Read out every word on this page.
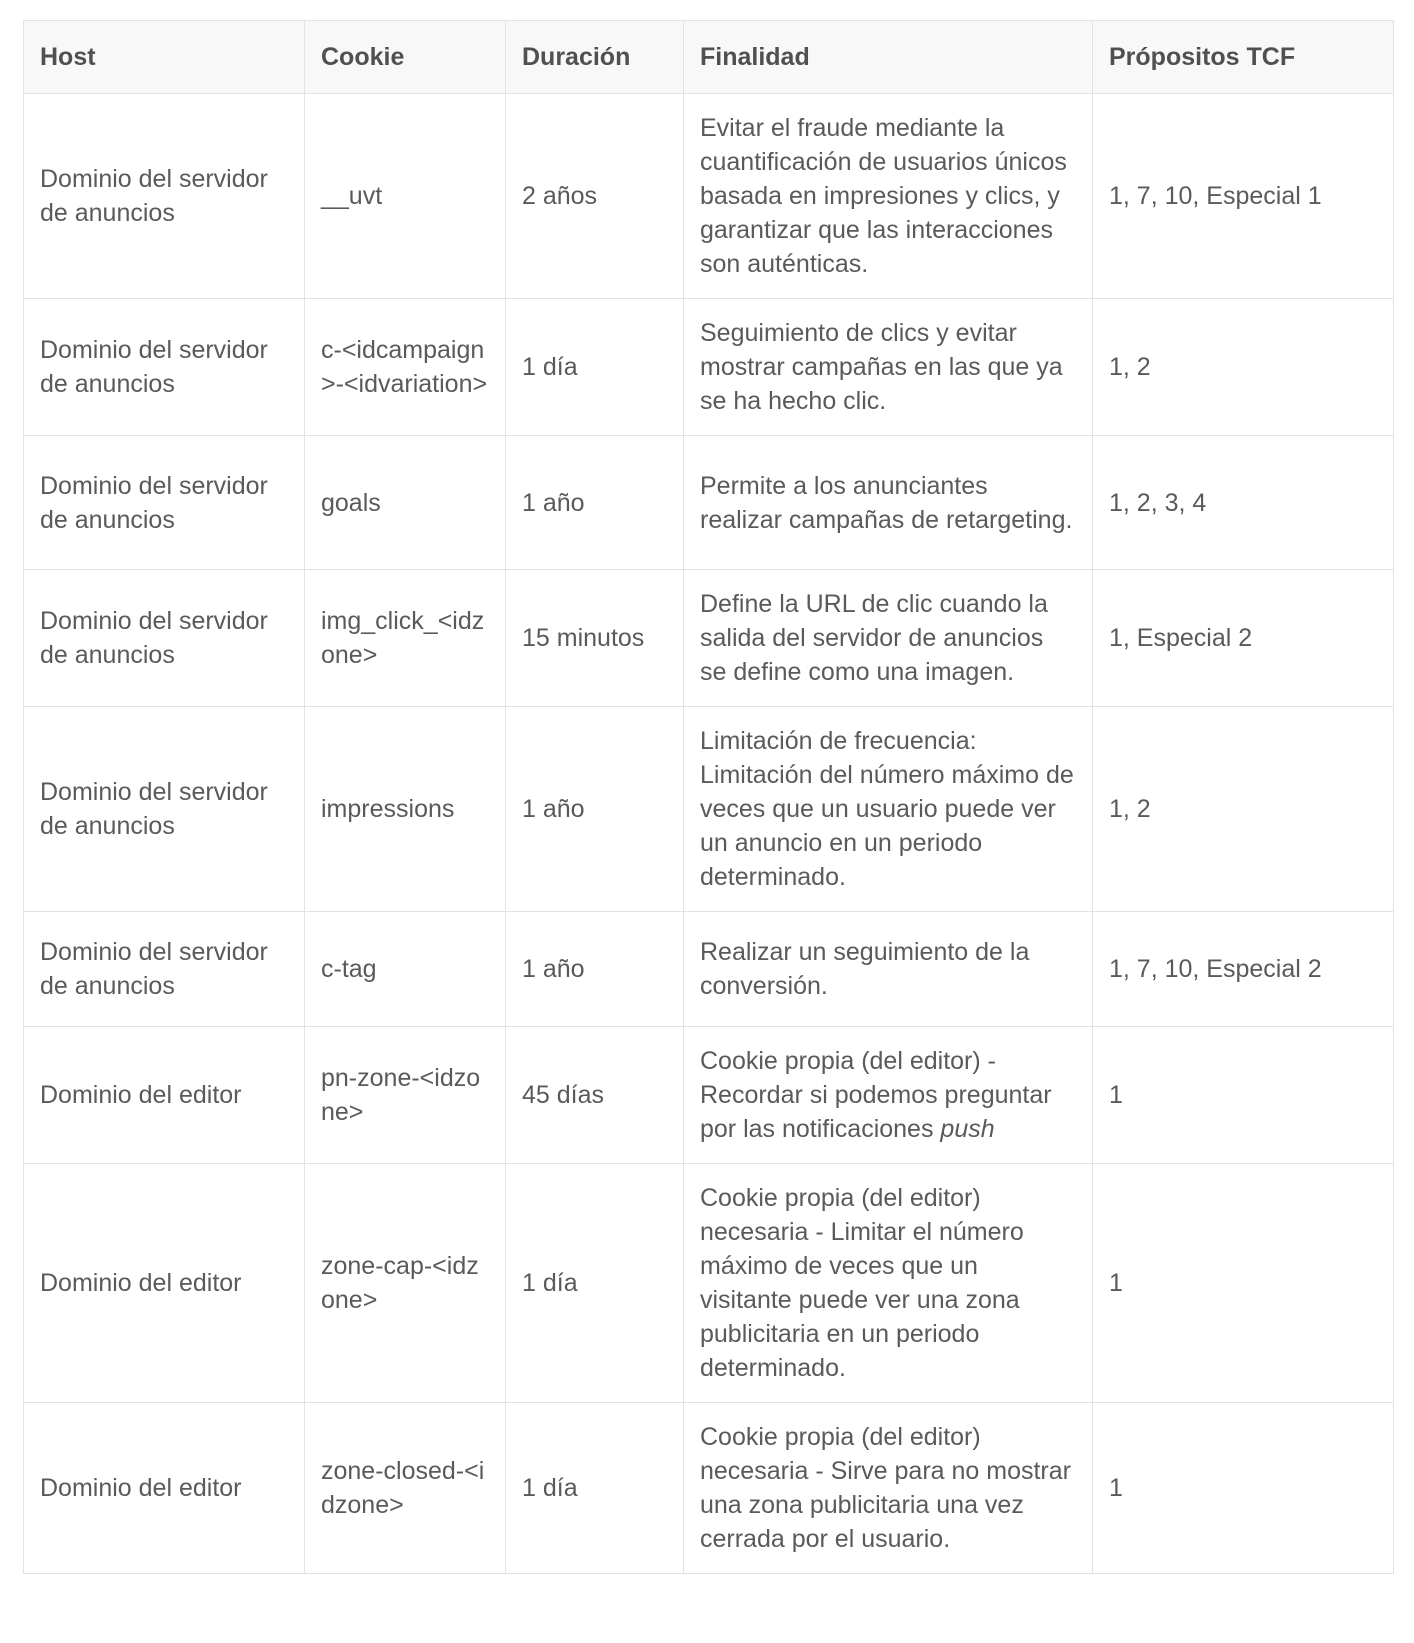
Host	Cookie	Duración	Finalidad	Própositos TCF
Dominio del servidor de anuncios	__uvt	2 años	Evitar el fraude mediante la cuantificación de usuarios únicos basada en impresiones y clics, y garantizar que las interacciones son auténticas.	1, 7, 10, Especial 1
Dominio del servidor de anuncios	c-<idcampaign>-<idvariation>	1 día	Seguimiento de clics y evitar mostrar campañas en las que ya se ha hecho clic.	1, 2
Dominio del servidor de anuncios	goals	1 año	Permite a los anunciantes realizar campañas de retargeting.	1, 2, 3, 4
Dominio del servidor de anuncios	img_click_<idzone>	15 minutos	Define la URL de clic cuando la salida del servidor de anuncios se define como una imagen.	1, Especial 2
Dominio del servidor de anuncios	impressions	1 año	Limitación de frecuencia: Limitación del número máximo de veces que un usuario puede ver un anuncio en un periodo determinado.	1, 2
Dominio del servidor de anuncios	c-tag	1 año	Realizar un seguimiento de la conversión.	1, 7, 10, Especial 2
Dominio del editor	pn-zone-<idzone>	45 días	Cookie propia (del editor) - Recordar si podemos preguntar por las notificaciones push	1
Dominio del editor	zone-cap-<idzone>	1 día	Cookie propia (del editor) necesaria - Limitar el número máximo de veces que un visitante puede ver una zona publicitaria en un periodo determinado.	1
Dominio del editor	zone-closed-<idzone>	1 día	Cookie propia (del editor) necesaria - Sirve para no mostrar una zona publicitaria una vez cerrada por el usuario.	1
